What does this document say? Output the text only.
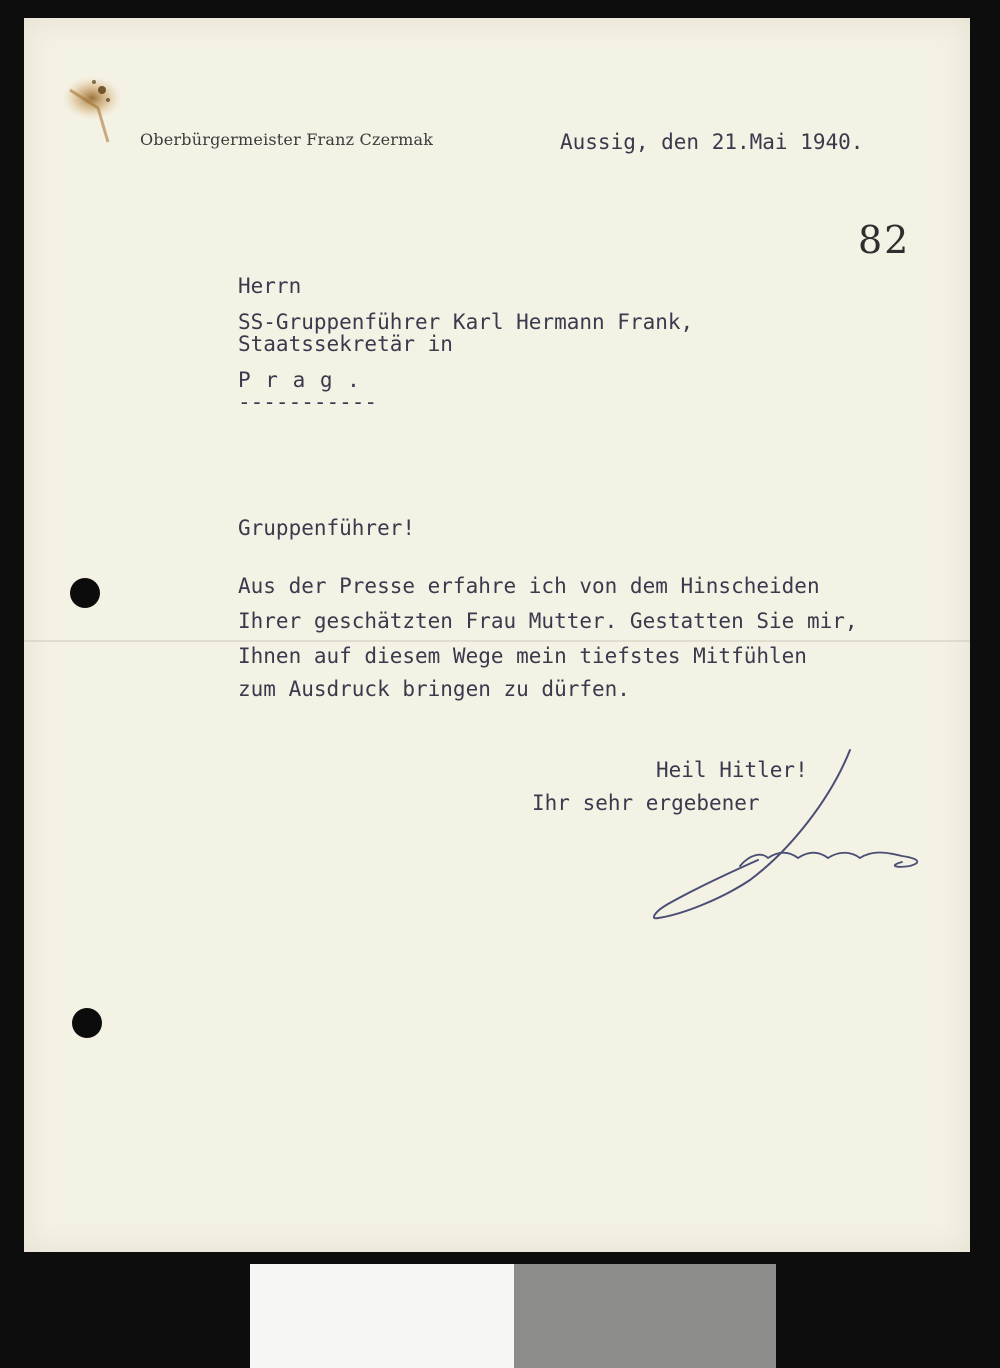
Oberbürgermeister Franz Czermak	Aussig, den 21.Mai 1940.
82
Herrn
SS-Gruppenführer Karl Hermann Frank,
Staatssekretär in
P r a g .
-----------
Gruppenführer!
Aus der Presse erfahre ich von dem Hinscheiden
Ihrer geschätzten Frau Mutter. Gestatten Sie mir,
Ihnen auf diesem Wege mein tiefstes Mitfühlen
zum Ausdruck bringen zu dürfen.
Heil Hitler!
Ihr sehr ergebener
